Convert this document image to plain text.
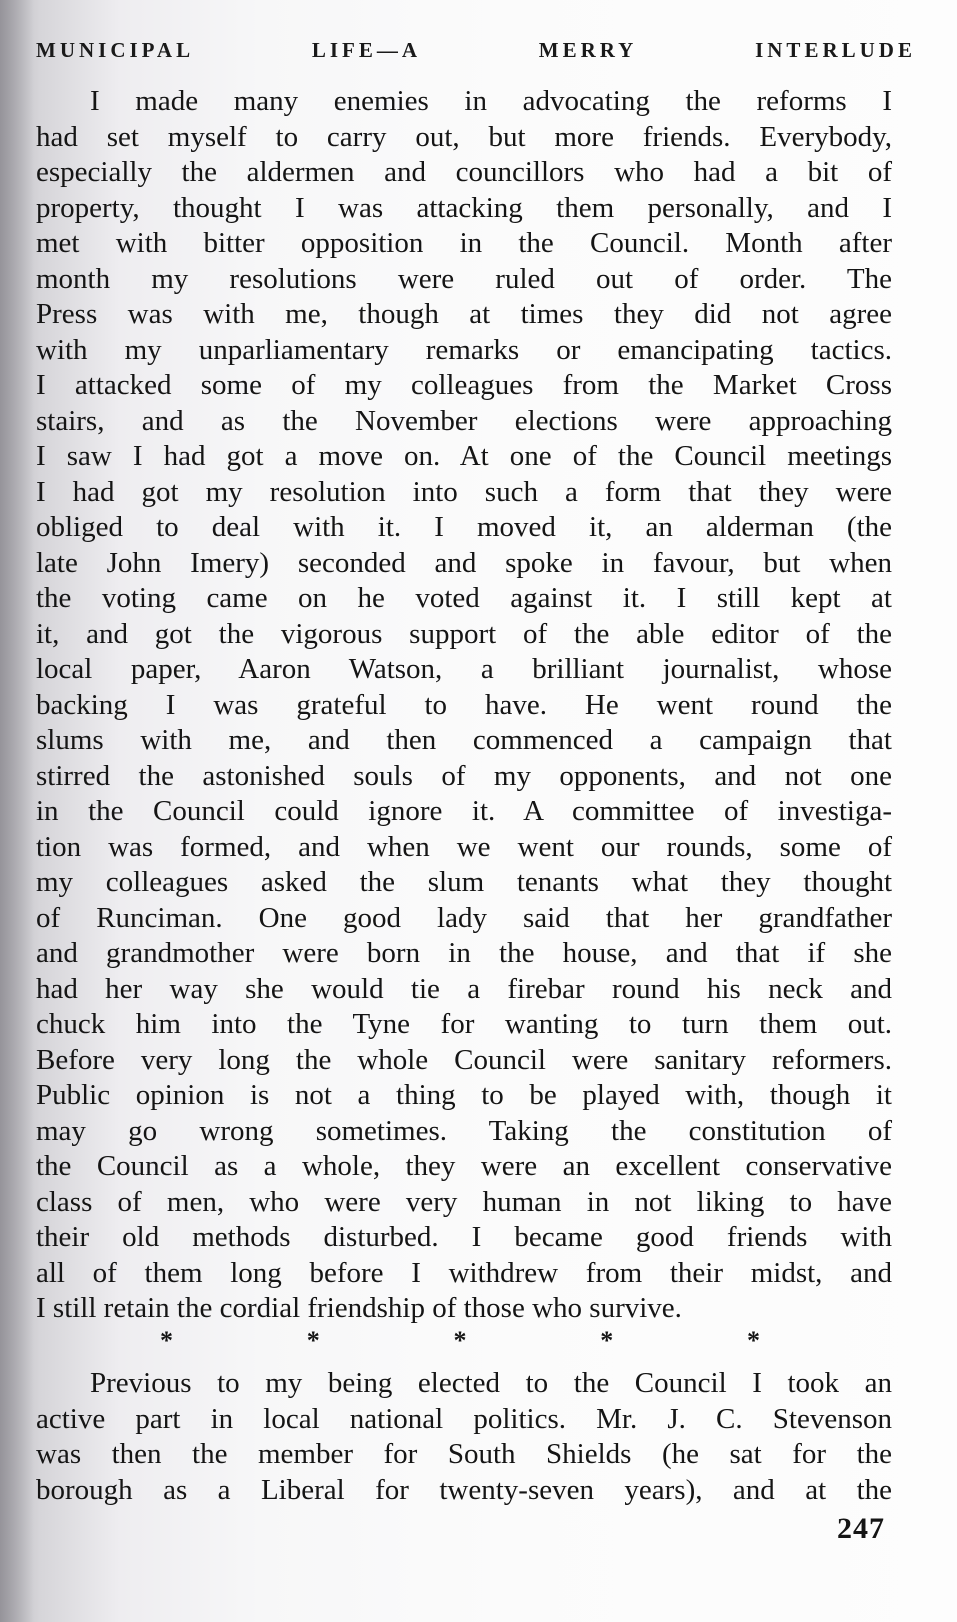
MUNICIPAL	LIFE—A	MERRY	INTERLUDE
I made many enemies in advocating the reforms I
had set myself to carry out, but more friends. Everybody,
especially the aldermen and councillors who had a bit of
property, thought I was attacking them personally, and I
met with bitter opposition in the Council. Month after
month my resolutions were ruled out of order. The
Press was with me, though at times they did not agree
with my unparliamentary remarks or emancipating tactics.
I attacked some of my colleagues from the Market Cross
stairs, and as the November elections were approaching
I saw I had got a move on. At one of the Council meetings
I had got my resolution into such a form that they were
obliged to deal with it. I moved it, an alderman (the
late John Imery) seconded and spoke in favour, but when
the voting came on he voted against it. I still kept at
it, and got the vigorous support of the able editor of the
local paper, Aaron Watson, a brilliant journalist, whose
backing I was grateful to have. He went round the
slums with me, and then commenced a campaign that
stirred the astonished souls of my opponents, and not one
in the Council could ignore it. A committee of investiga-
tion was formed, and when we went our rounds, some of
my colleagues asked the slum tenants what they thought
of Runciman. One good lady said that her grandfather
and grandmother were born in the house, and that if she
had her way she would tie a firebar round his neck and
chuck him into the Tyne for wanting to turn them out.
Before very long the whole Council were sanitary reformers.
Public opinion is not a thing to be played with, though it
may go wrong sometimes. Taking the constitution of
the Council as a whole, they were an excellent conservative
class of men, who were very human in not liking to have
their old methods disturbed. I became good friends with
all of them long before I withdrew from their midst, and
I still retain the cordial friendship of those who survive.
*	*	*	*	*
Previous to my being elected to the Council I took an
active part in local national politics. Mr. J. C. Stevenson
was then the member for South Shields (he sat for the
borough as a Liberal for twenty-seven years), and at the
247
